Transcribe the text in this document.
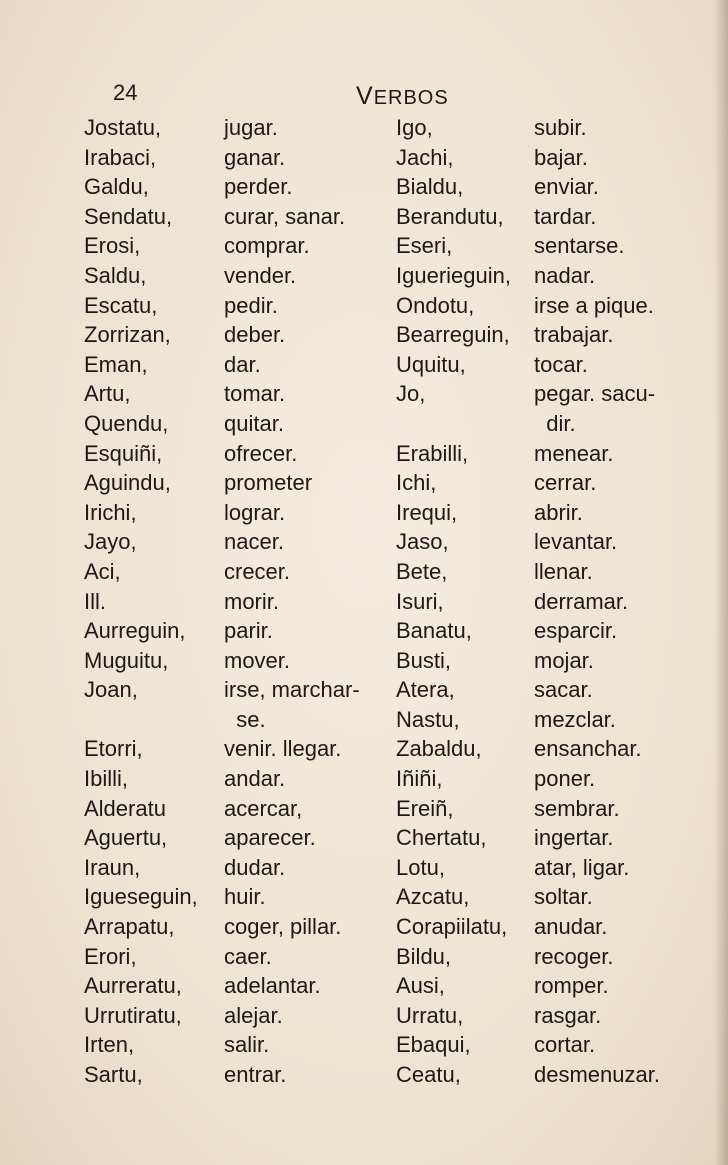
24	VERBOS
Jostatu,
Irabaci,
Galdu,
Sendatu,
Erosi,
Saldu,
Escatu,
Zorrizan,
Eman,
Artu,
Quendu,
Esquiñi,
Aguindu,
Irichi,
Jayo,
Aci,
Ill.
Aurreguin,
Muguitu,
Joan,
Etorri,
Ibilli,
Alderatu
Aguertu,
Iraun,
Igueseguin,
Arrapatu,
Erori,
Aurreratu,
Urrutiratu,
Irten,
Sartu,
jugar.
ganar.
perder.
curar, sanar.
comprar.
vender.
pedir.
deber.
dar.
tomar.
quitar.
ofrecer.
prometer
lograr.
nacer.
crecer.
morir.
parir.
mover.
irse, marchar-
se.
venir. llegar.
andar.
acercar,
aparecer.
dudar.
huir.
coger, pillar.
caer.
adelantar.
alejar.
salir.
entrar.
Igo,
Jachi,
Bialdu,
Berandutu,
Eseri,
Iguerieguin,
Ondotu,
Bearreguin,
Uquitu,
Jo,
Erabilli,
Ichi,
Irequi,
Jaso,
Bete,
Isuri,
Banatu,
Busti,
Atera,
Nastu,
Zabaldu,
Iñiñi,
Ereiñ,
Chertatu,
Lotu,
Azcatu,
Corapiilatu,
Bildu,
Ausi,
Urratu,
Ebaqui,
Ceatu,
subir.
bajar.
enviar.
tardar.
sentarse.
nadar.
irse a pique.
trabajar.
tocar.
pegar. sacu-
dir.
menear.
cerrar.
abrir.
levantar.
llenar.
derramar.
esparcir.
mojar.
sacar.
mezclar.
ensanchar.
poner.
sembrar.
ingertar.
atar, ligar.
soltar.
anudar.
recoger.
romper.
rasgar.
cortar.
desmenuzar.
